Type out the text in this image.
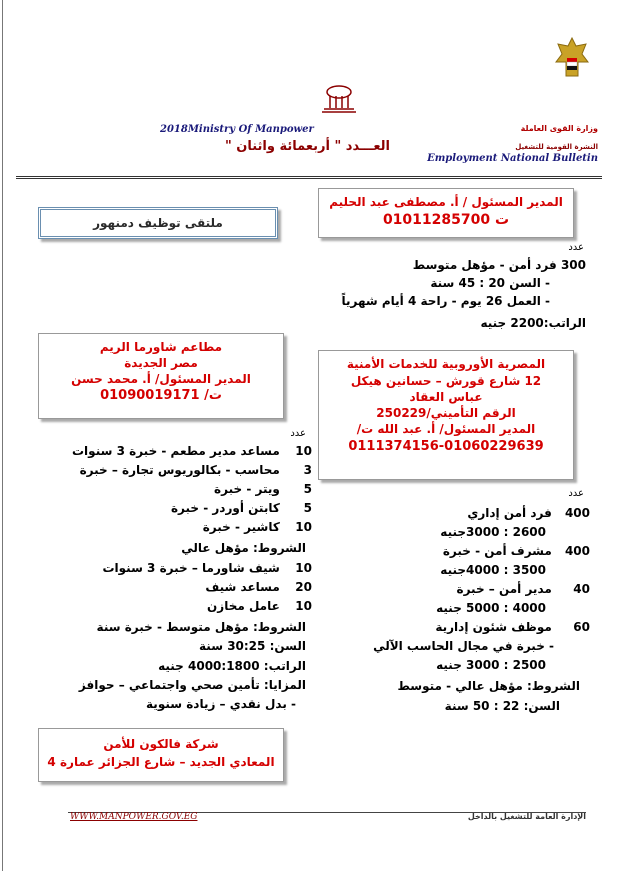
وزارة القوى العاملة
النشرة القومية للتشغيل
Employment National Bulletin
2018Ministry Of Manpower
العـــدد " أربعمائة واثنان "
ملتقى توظيف دمنهور
المدير المسئول / أ. مصطفى عبد الحليم
ت 01011285700
عدد
300 فرد أمن - مؤهل متوسط
- السن 20 : 45 سنة
- العمل 26 يوم - راحة 4 أيام شهرياً
الراتب:2200 جنيه
مطاعم شاورما الريم
مصر الجديدة
المدير المسئول/ أ. محمد حسن
ت/ 01090019171
المصرية الأوروبية للخدمات الأمنية
12 شارع قورش – حسانين هيكل
عباس العقاد
الرقم التأميني/250229
المدير المسئول/ أ. عبد الله ت/
0111374156-01060229639
عدد
10 مساعد مدير مطعم - خبرة 3 سنوات
3 محاسب - بكالوريوس تجارة – خبرة
5 ويتر - خبرة
5 كابتن أوردر - خبرة
10 كاشير - خبرة
الشروط: مؤهل عالي
10 شيف شاورما – خبرة 3 سنوات
20 مساعد شيف
10 عامل مخازن
الشروط: مؤهل متوسط - خبرة سنة
السن: 30:25 سنة
الراتب: 4000:1800 جنيه
المزايا: تأمين صحي واجتماعي – حوافز
- بدل نقدي – زيادة سنوية
عدد
400 فرد أمن إداري
2600 : 3000جنيه
400 مشرف أمن - خبرة
3500 : 4000جنيه
40 مدير أمن – خبرة
4000 : 5000 جنيه
60 موظف شئون إدارية
- خبرة في مجال الحاسب الآلي
2500 : 3000 جنيه
الشروط: مؤهل عالي - متوسط
السن: 22 : 50 سنة
شركة فالكون للأمن
المعادي الجديد – شارع الجزائر عمارة 4
WWW.MANPOWER.GOV.EG	الإدارة العامة للتشغيل بالداخل
